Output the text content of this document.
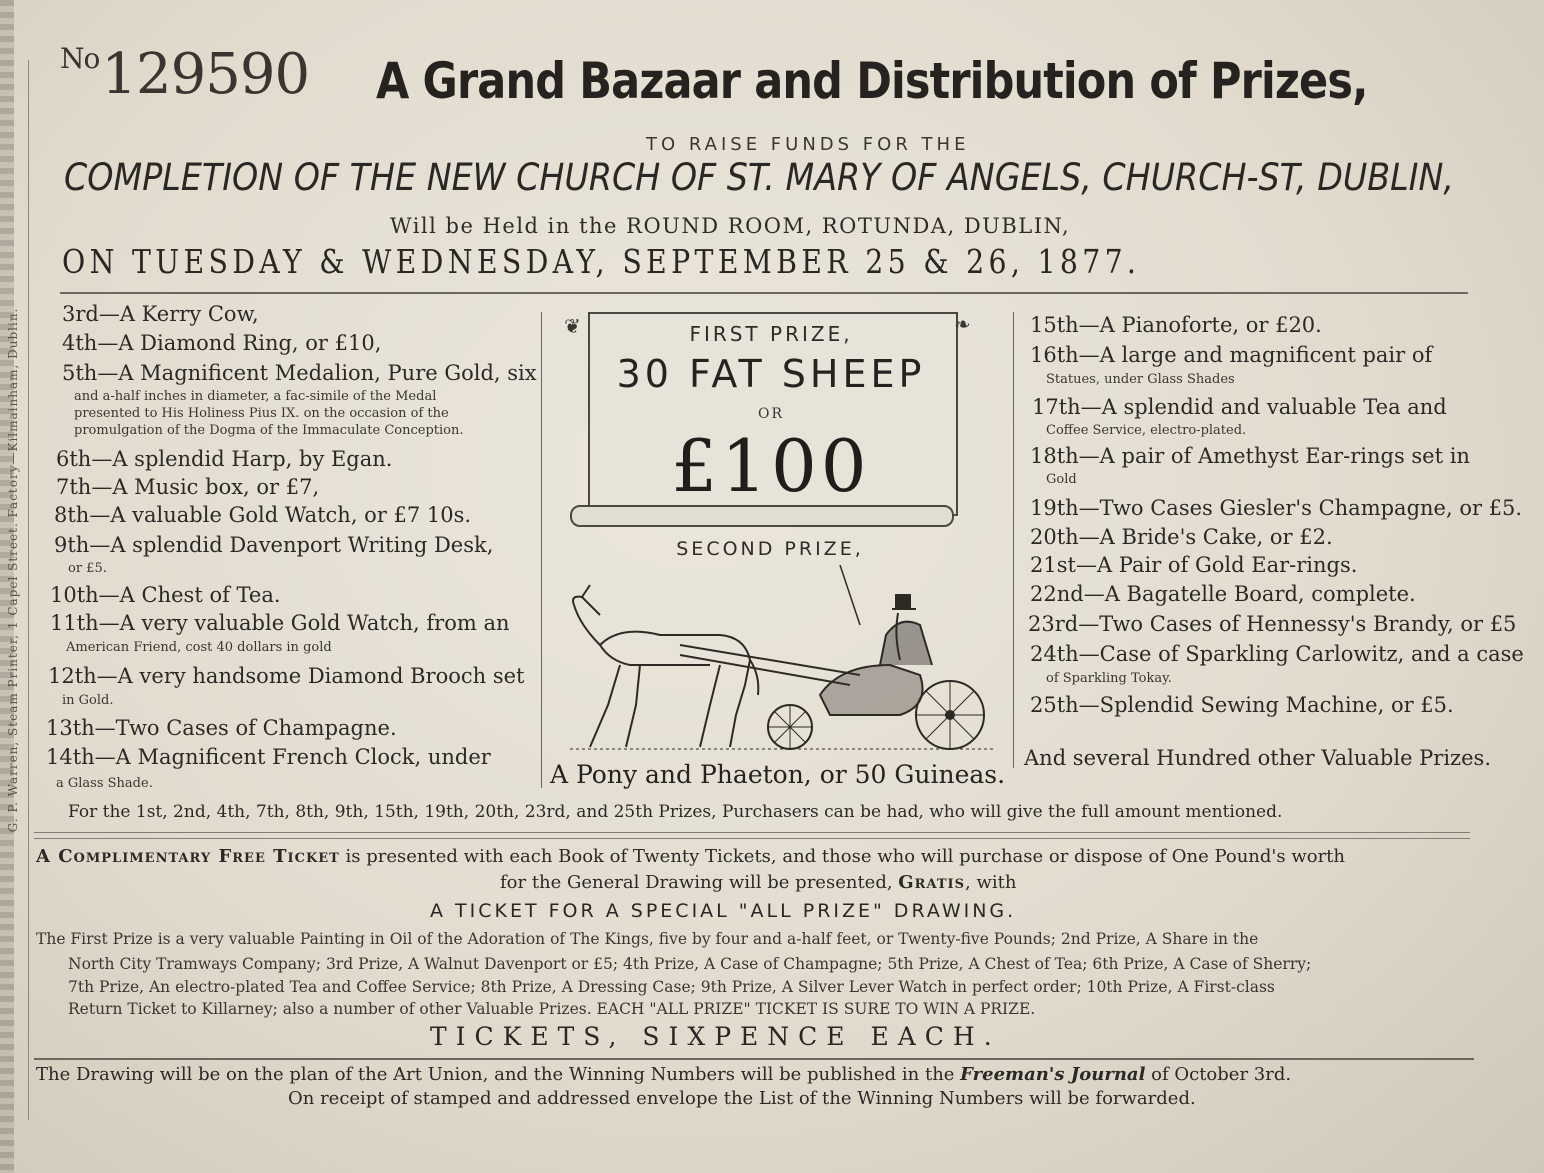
G. P. Warren, Steam Printer, 1 Capel Street. Factory—Kilmainham, Dublin.
$^{No}$129590 A Grand Bazaar and Distribution of Prizes,
TO RAISE FUNDS FOR THE
COMPLETION OF THE NEW CHURCH OF ST. MARY OF ANGELS, CHURCH-ST, DUBLIN,
Will be Held in the ROUND ROOM, ROTUNDA, DUBLIN,
ON TUESDAY & WEDNESDAY, SEPTEMBER 25 & 26, 1877.
3rd—A Kerry Cow,
4th—A Diamond Ring, or £10,
5th—A Magnificent Medalion, Pure Gold, six
and a-half inches in diameter, a fac-simile of the Medal
presented to His Holiness Pius IX. on the occasion of the
promulgation of the Dogma of the Immaculate Conception.
6th—A splendid Harp, by Egan.
7th—A Music box, or £7,
8th—A valuable Gold Watch, or £7 10s.
9th—A splendid Davenport Writing Desk,
or £5.
10th—A Chest of Tea.
11th—A very valuable Gold Watch, from an
American Friend, cost 40 dollars in gold
12th—A very handsome Diamond Brooch set
in Gold.
13th—Two Cases of Champagne.
14th—A Magnificent French Clock, under
a Glass Shade.
❦	❧
FIRST PRIZE,
30 FAT SHEEP
OR
£100
SECOND PRIZE,
A Pony and Phaeton, or 50 Guineas.
15th—A Pianoforte, or £20.
16th—A large and magnificent pair of
Statues, under Glass Shades
17th—A splendid and valuable Tea and
Coffee Service, electro-plated.
18th—A pair of Amethyst Ear-rings set in
Gold
19th—Two Cases Giesler's Champagne, or £5.
20th—A Bride's Cake, or £2.
21st—A Pair of Gold Ear-rings.
22nd—A Bagatelle Board, complete.
23rd—Two Cases of Hennessy's Brandy, or £5
24th—Case of Sparkling Carlowitz, and a case
of Sparkling Tokay.
25th—Splendid Sewing Machine, or £5.
And several Hundred other Valuable Prizes.
For the 1st, 2nd, 4th, 7th, 8th, 9th, 15th, 19th, 20th, 23rd, and 25th Prizes, Purchasers can be had, who will give the full amount mentioned.
A Complimentary Free Ticket is presented with each Book of Twenty Tickets, and those who will purchase or dispose of One Pound's worth
for the General Drawing will be presented, Gratis, with
A TICKET FOR A SPECIAL "ALL PRIZE" DRAWING.
The First Prize is a very valuable Painting in Oil of the Adoration of The Kings, five by four and a-half feet, or Twenty-five Pounds; 2nd Prize, A Share in the
North City Tramways Company; 3rd Prize, A Walnut Davenport or £5; 4th Prize, A Case of Champagne; 5th Prize, A Chest of Tea; 6th Prize, A Case of Sherry;
7th Prize, An electro-plated Tea and Coffee Service; 8th Prize, A Dressing Case; 9th Prize, A Silver Lever Watch in perfect order; 10th Prize, A First-class
Return Ticket to Killarney; also a number of other Valuable Prizes. EACH "ALL PRIZE" TICKET IS SURE TO WIN A PRIZE.
TICKETS, SIXPENCE EACH.
The Drawing will be on the plan of the Art Union, and the Winning Numbers will be published in the Freeman's Journal of October 3rd.
On receipt of stamped and addressed envelope the List of the Winning Numbers will be forwarded.
